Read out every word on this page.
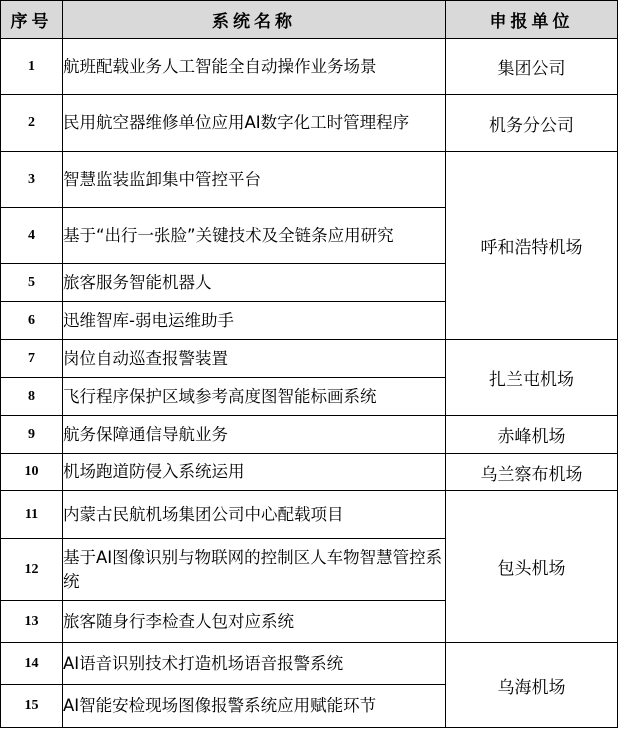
序号	系统名称	申报单位
1	航班配载业务人工智能全自动操作业务场景	集团公司
2	民用航空器维修单位应用AI数字化工时管理程序	机务分公司
3	智慧监装监卸集中管控平台	呼和浩特机场
4	基于“出行一张脸”关键技术及全链条应用研究	
5	旅客服务智能机器人	
6	迅维智库-弱电运维助手	
7	岗位自动巡查报警装置	扎兰屯机场
8	飞行程序保护区域参考高度图智能标画系统	
9	航务保障通信导航业务	赤峰机场
10	机场跑道防侵入系统运用	乌兰察布机场
11	内蒙古民航机场集团公司中心配载项目	包头机场
12	基于AI图像识别与物联网的控制区人车物智慧管控系统	
13	旅客随身行李检查人包对应系统	
14	AI语音识别技术打造机场语音报警系统	乌海机场
15	AI智能安检现场图像报警系统应用赋能环节	
